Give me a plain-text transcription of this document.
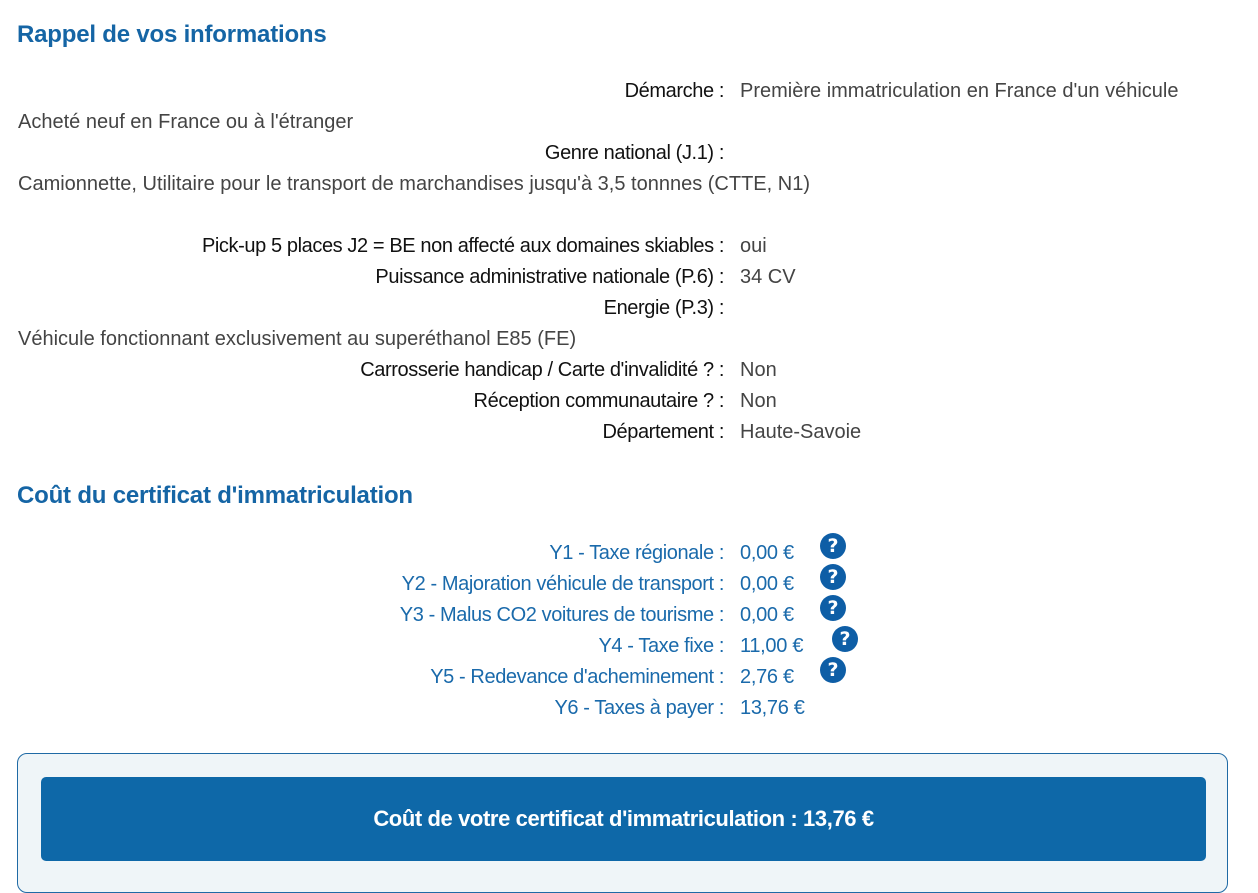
Rappel de vos informations
Démarche : Première immatriculation en France d'un véhicule
Acheté neuf en France ou à l'étranger
Genre national (J.1) :
Camionnette, Utilitaire pour le transport de marchandises jusqu'à 3,5 tonnnes (CTTE, N1)
Pick-up 5 places J2 = BE non affecté aux domaines skiables : oui
Puissance administrative nationale (P.6) : 34 CV
Energie (P.3) :
Véhicule fonctionnant exclusivement au superéthanol E85 (FE)
Carrosserie handicap / Carte d'invalidité ? : Non
Réception communautaire ? : Non
Département : Haute-Savoie
Coût du certificat d'immatriculation
Y1 - Taxe régionale : 0,00 €	?
Y2 - Majoration véhicule de transport : 0,00 €	?
Y3 - Malus CO2 voitures de tourisme : 0,00 €	?
Y4 - Taxe fixe : 11,00 €	?
Y5 - Redevance d'acheminement : 2,76 €	?
Y6 - Taxes à payer : 13,76 €
Coût de votre certificat d'immatriculation : 13,76 €
